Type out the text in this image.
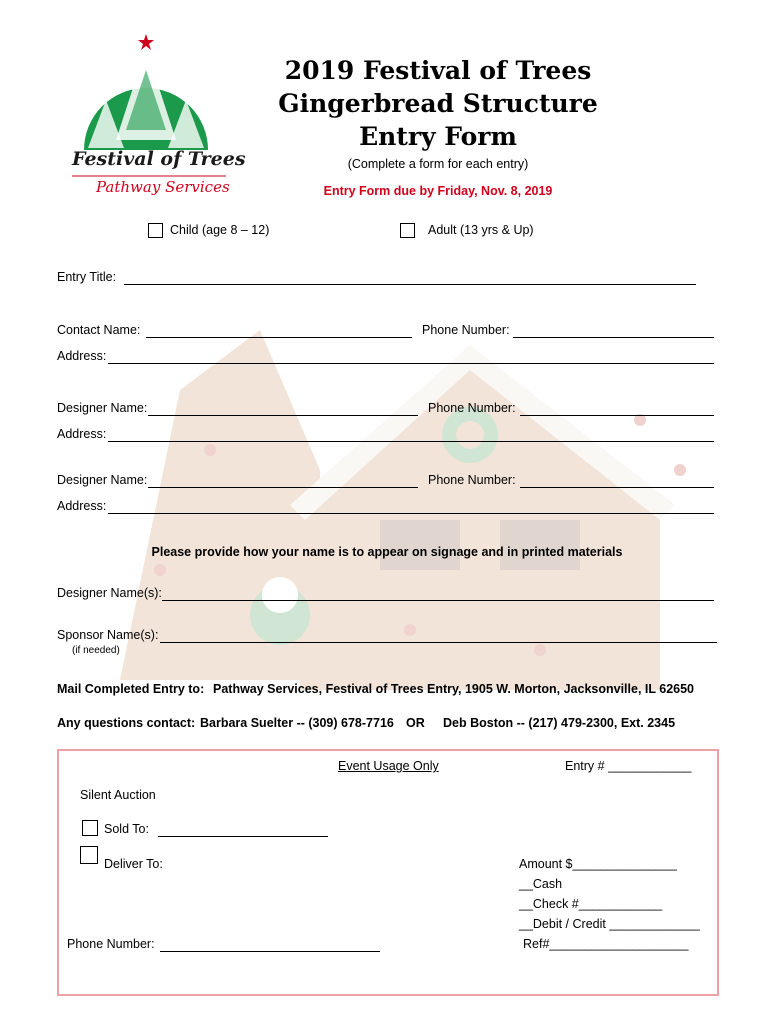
Festival of Trees
Pathway Services
2019 Festival of Trees
Gingerbread Structure
Entry Form
(Complete a form for each entry)
Entry Form due by Friday, Nov. 8, 2019
Child (age 8 – 12)	Adult (13 yrs & Up)
Entry Title:
Contact Name:	Phone Number:
Address:
Designer Name:	Phone Number:
Address:
Designer Name:	Phone Number:
Address:
Please provide how your name is to appear on signage and in printed materials
Designer Name(s):
Sponsor Name(s):
(if needed)
Mail Completed Entry to: Pathway Services, Festival of Trees Entry, 1905 W. Morton, Jacksonville, IL 62650
Any questions contact: Barbara Suelter -- (309) 678-7716 OR Deb Boston -- (217) 479-2300, Ext. 2345
Event Usage Only	Entry # ____________
Silent Auction
Sold To:
Deliver To:
Phone Number:
Amount $_______________
__Cash
__Check #____________
__Debit / Credit _____________
Ref#____________________
